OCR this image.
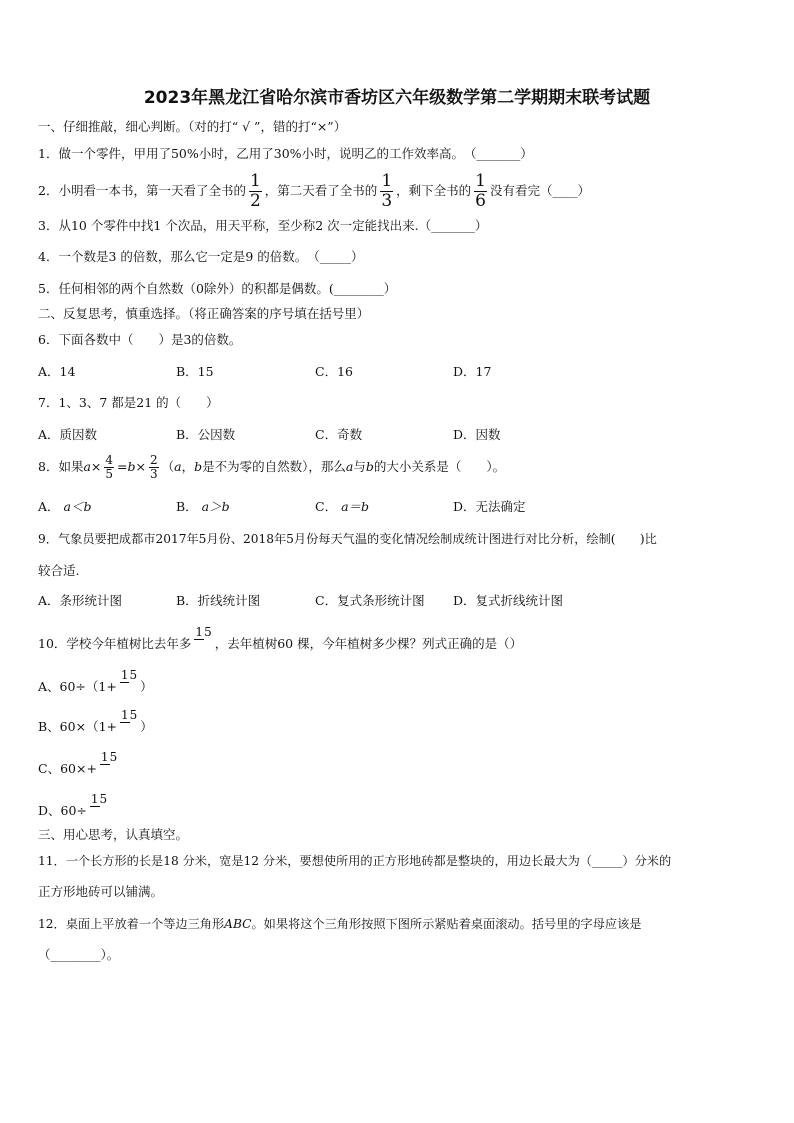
2023年黑龙江省哈尔滨市香坊区六年级数学第二学期期末联考试题
一、仔细推敲，细心判断。（对的打“ √ ”，错的打“×”）
1．做一个零件，甲用了50%小时，乙用了30%小时，说明乙的工作效率高。　（_______）
2．小明看一本书，第一天看了全书的 $\frac{1}{2}$ ，第二天看了全书的 $\frac{1}{3}$ ，剩下全书的 $\frac{1}{6}$ 没有看完（____）
3．从10 个零件中找1 个次品，用天平称，至少称2 次一定能找出来.（_______）
4．一个数是3 的倍数，那么它一定是9 的倍数。　（_____）
5．任何相邻的两个自然数（0除外）的积都是偶数。(________）
二、反复思考，慎重选择。（将正确答案的序号填在括号里）
6．下面各数中（　　）是3的倍数。
A．14	B．15	C．16	D．17
7．1、3、7 都是21 的（　　）
A．质因数	B．公因数	C．奇数	D．因数
8．如果$a\times \frac{4}{5} =b\times \frac{2}{3} (a$，b是不为零的自然数），那么a与b的大小关系是（　　）。
A． a＜b	B． a＞b	C． a＝b	D．无法确定
9．气象员要把成都市2017年5月份、2018年5月份每天气温的变化情况绘制成统计图进行对比分析，绘制(　　)比
较合适.
A．条形统计图	B．折线统计图	C．复式条形统计图 D．复式折线统计图
10．学校今年植树比去年多15，去年植树60 棵，今年植树多少棵？列式正确的是（）
A、60÷（1+15）
B、60×（1+15）
C、60×+15
D、60÷15
三、用心思考，认真填空。
11．一个长方形的长是18 分米，宽是12 分米，要想使所用的正方形地砖都是整块的，用边长最大为（_____）分米的
正方形地砖可以铺满。
12．桌面上平放着一个等边三角形ABC。如果将这个三角形按照下图所示紧贴着桌面滚动。括号里的字母应该是
（________）。
